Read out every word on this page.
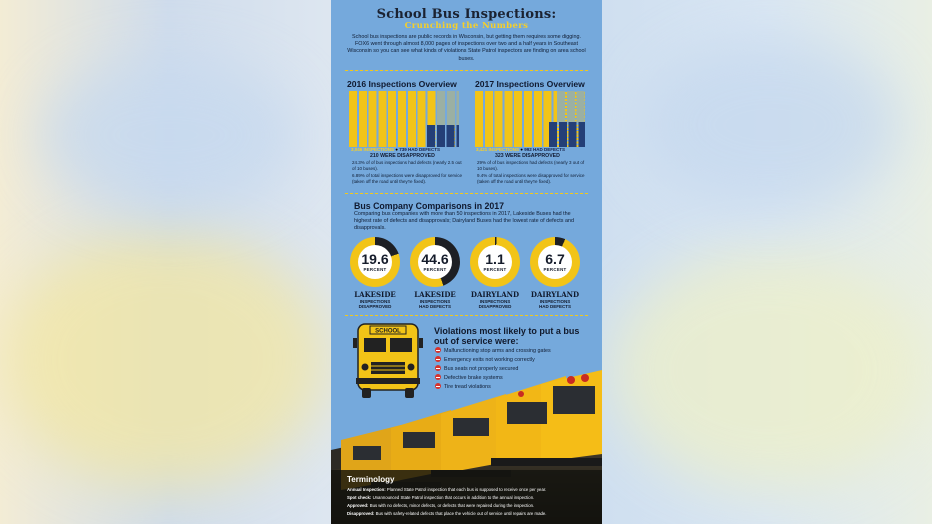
School Bus Inspections:
Crunching the Numbers
School bus inspections are public records in Wisconsin, but getting them requires some digging. FOX6 went through almost 8,000 pages of inspections over two and a half years in Southeast Wisconsin so you can see what kinds of violations State Patrol inspectors are finding on area school buses.
2016 Inspections Overview
3,046 INSPECTIONS ● 739 HAD DEFECTS
210 WERE DISAPPROVED
24.3% of of bus inspections had defects (nearly 2.5 out of 10 buses).
6.89% of total inspections were disapproved for service (taken off the road until they're fixed).
2017 Inspections Overview
3,421 INSPECTIONS ● 992 HAD DEFECTS
323 WERE DISAPPROVED
29% of of bus inspections had defects (nearly 3 out of 10 buses).
9.4% of total inspections were disapproved for service (taken off the road until they're fixed).
Bus Company Comparisons in 2017
Comparing bus companies with more than 50 inspections in 2017, Lakeside Buses had the highest rate of defects and disapprovals; Dairyland Buses had the lowest rate of defects and disapprovals.
SCHOOL	Violations most likely to put a bus out of service were:
Malfunctioning stop arms and crossing gates
Emergency exits not working correctly
Bus seats not properly secured
Defective brake systems
Tire tread violations
Terminology
Annual Inspection: Planned State Patrol inspection that each bus is supposed to receive once per year.
Spot check: Unannounced State Patrol inspection that occurs in addition to the annual inspection.
Approved: Bus with no defects, minor defects, or defects that were repaired during the inspection.
Disapproved: Bus with safety-related defects that place the vehicle out of service until repairs are made.
19.6
PERCENT
LAKESIDE
INSPECTIONS
DISAPPROVED
44.6
PERCENT
LAKESIDE
INSPECTIONS
HAD DEFECTS
1.1
PERCENT
DAIRYLAND
INSPECTIONS
DISAPPROVED
6.7
PERCENT
DAIRYLAND
INSPECTIONS
HAD DEFECTS
